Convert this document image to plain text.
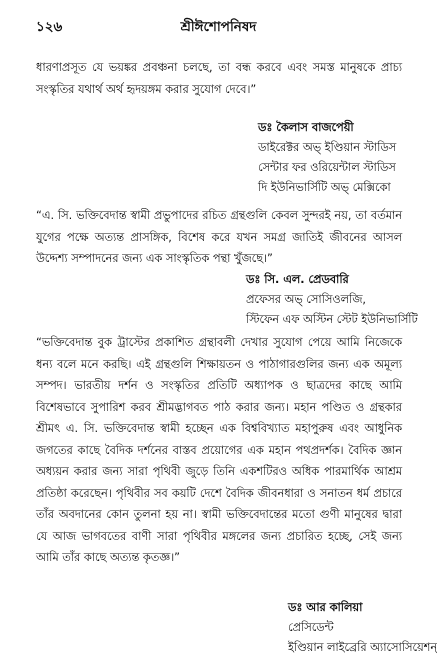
১২৬	শ্রীঈশোপনিষদ

ধারণাপ্রসূত যে ভয়ঙ্কর প্রবঞ্চনা চলছে, তা বন্ধ করবে এবং সমস্ত মানুষকে প্রাচ্য সংস্কৃতির যথার্থ অর্থ হৃদয়ঙ্গম করার সুযোগ দেবে।”

ডঃ কৈলাস বাজপেয়ী
ডাইরেক্টর অভ্ ইণ্ডিয়ান স্টাডিস
সেন্টার ফর ওরিয়েন্টাল স্টাডিস
দি ইউনিভার্সিটি অভ্ মেক্সিকো

“এ. সি. ভক্তিবেদান্ত স্বামী প্রভুপাদের রচিত গ্রন্থগুলি কেবল সুন্দরই নয়, তা বর্তমান যুগের পক্ষে অত্যন্ত প্রাসঙ্গিক, বিশেষ করে যখন সমগ্র জাতিই জীবনের আসল উদ্দেশ্য সম্পাদনের জন্য এক সাংস্কৃতিক পন্থা খুঁজছে।”

ডঃ সি. এল. প্রেডবারি
প্রফেসর অভ্ সোসিওলজি,
স্টিফেন এফ অস্টিন স্টেট ইউনিভার্সিটি

“ভক্তিবেদান্ত বুক ট্রাস্টের প্রকাশিত গ্রন্থাবলী দেখার সুযোগ পেয়ে আমি নিজেকে ধন্য বলে মনে করছি। এই গ্রন্থগুলি শিক্ষায়তন ও পাঠাগারগুলির জন্য এক অমূল্য সম্পদ। ভারতীয় দর্শন ও সংস্কৃতির প্রতিটি অধ্যাপক ও ছাত্রদের কাছে আমি বিশেষভাবে সুপারিশ করব শ্রীমদ্ভাগবত পাঠ করার জন্য। মহান পণ্ডিত ও গ্রন্থকার শ্রীমৎ এ. সি. ভক্তিবেদান্ত স্বামী হচ্ছেন এক বিশ্ববিখ্যাত মহাপুরুষ এবং আধুনিক জগতের কাছে বৈদিক দর্শনের বাস্তব প্রয়োগের এক মহান পথপ্রদর্শক। বৈদিক জ্ঞান অধ্যয়ন করার জন্য সারা পৃথিবী জুড়ে তিনি একশটিরও অধিক পারমার্থিক আশ্রম প্রতিষ্ঠা করেছেন। পৃথিবীর সব কয়টি দেশে বৈদিক জীবনধারা ও সনাতন ধর্ম প্রচারে তাঁর অবদানের কোন তুলনা হয় না। স্বামী ভক্তিবেদান্তের মতো গুণী মানুষের দ্বারা যে আজ ভাগবতের বাণী সারা পৃথিবীর মঙ্গলের জন্য প্রচারিত হচ্ছে, সেই জন্য আমি তাঁর কাছে অত্যন্ত কৃতজ্ঞ।”

ডঃ আর কালিয়া
প্রেসিডেন্ট
ইণ্ডিয়ান লাইব্রেরি অ্যাসোসিয়েশন্
